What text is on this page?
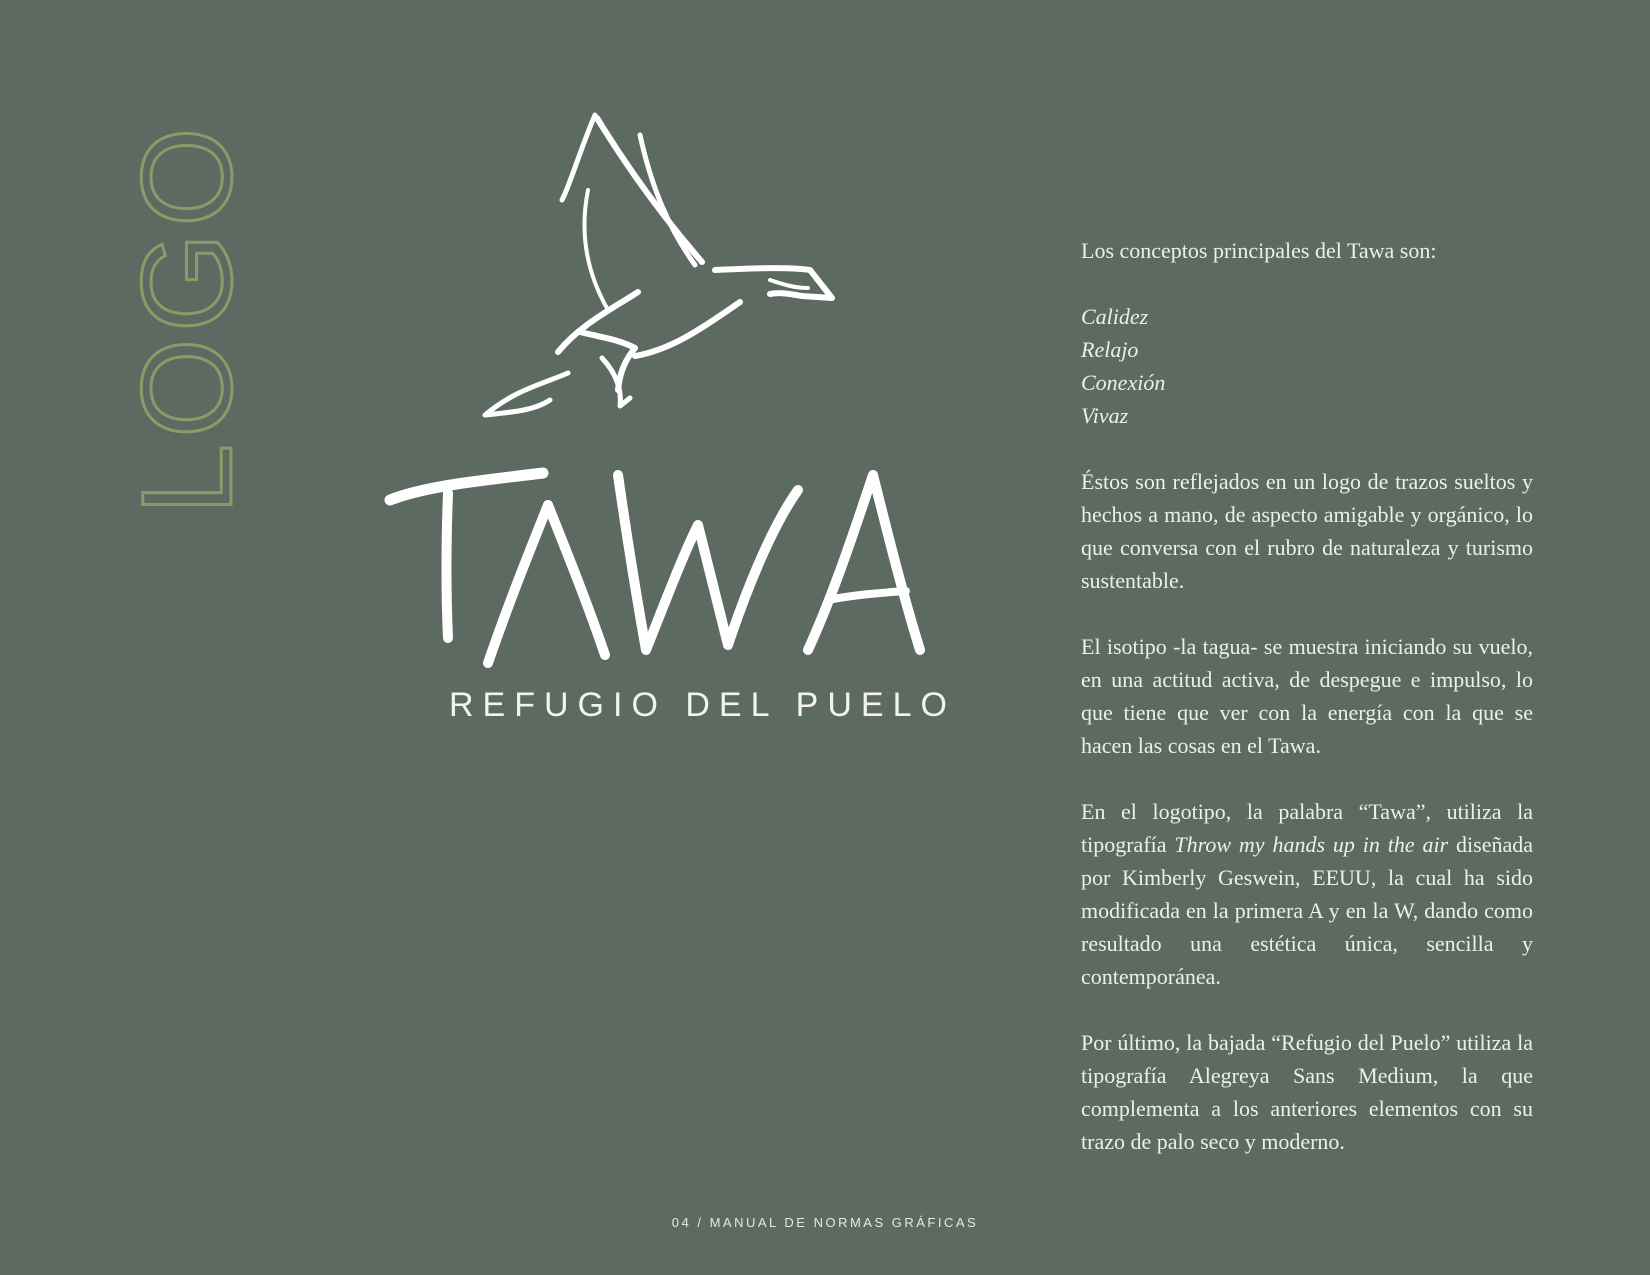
LOGO
REFUGIO DEL PUELO

Los conceptos principales del Tawa son:

Calidez
Relajo
Conexión
Vivaz

Éstos son reflejados en un logo de trazos sueltos y hechos a mano, de aspecto amigable y orgánico, lo que conversa con el rubro de naturaleza y turismo sustentable.

El isotipo -la tagua- se muestra iniciando su vuelo, en una actitud activa, de despegue e impulso, lo que tiene que ver con la energía con la que se hacen las cosas en el Tawa.

En el logotipo, la palabra “Tawa”, utiliza la tipografía Throw my hands up in the air diseñada por Kimberly Geswein, EEUU, la cual ha sido modificada en la primera A y en la W, dando como resultado una estética única, sencilla y contemporánea.

Por último, la bajada “Refugio del Puelo” utiliza la tipografía Alegreya Sans Medium, la que complementa a los anteriores elementos con su trazo de palo seco y moderno.

04 / MANUAL DE NORMAS GRÁFICAS
